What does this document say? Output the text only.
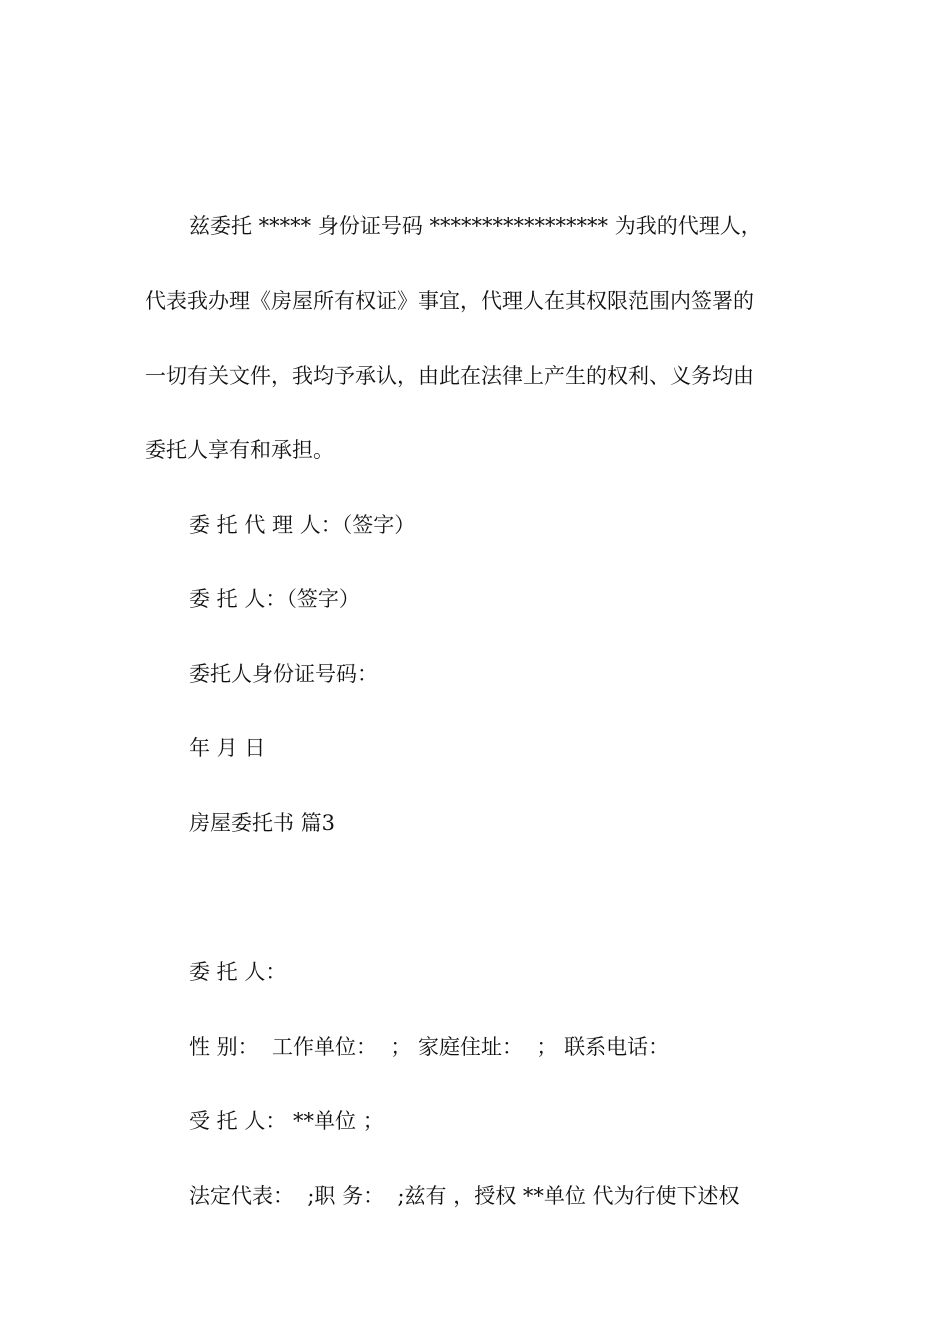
兹委托 ***** 身份证号码 ***************** 为我的代理人，

代表我办理《房屋所有权证》事宜，代理人在其权限范围内签署的

一切有关文件，我均予承认，由此在法律上产生的权利、义务均由

委托人享有和承担。

委 托 代 理 人：（签字）

委 托 人：（签字）

委托人身份证号码：

年 月 日

房屋委托书 篇3

委 托 人：

性 别：  工作单位：  ； 家庭住址：  ； 联系电话：

受 托 人： **单位 ；

法定代表：  ;职 务：  ;兹有 ，授权 **单位 代为行使下述权
